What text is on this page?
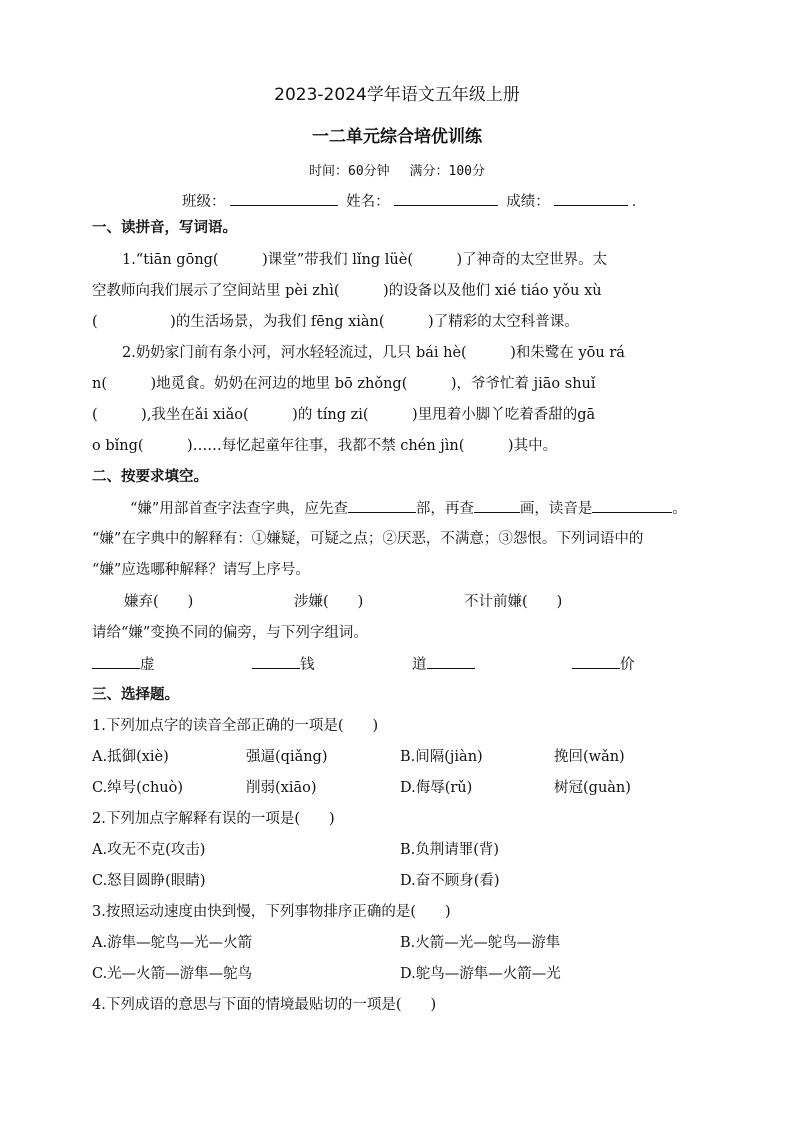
2023-2024学年语文五年级上册
一二单元综合培优训练
时间：60分钟 满分：100分
班级：	姓名：	成绩：	.
一、读拼音，写词语。
1.“tiān gōng(　　　)课堂”带我们 lǐng lüè(　　　)了神奇的太空世界。太
空教师向我们展示了空间站里 pèi zhì(　　　)的设备以及他们 xié tiáo yǒu xù
(　　　　　)的生活场景，为我们 fēng xiàn(　　　)了精彩的太空科普课。
2.奶奶家门前有条小河，河水轻轻流过，几只 bái hè(　　　)和朱鹭在 yōu rá
n(　　　)地觅食。奶奶在河边的地里 bō zhǒng(　　　)，爷爷忙着 jiāo shuǐ
(　　　),我坐在ǎi xiǎo(　　　)的 tíng zi(　　　)里甩着小脚丫吃着香甜的gā
o bǐng(　　　)……每忆起童年往事，我都不禁 chén jìn(　　　)其中。
二、按要求填空。
“嫌”用部首查字法查字典，应先查	部，再查	画，读音是	。
“嫌”在字典中的解释有：①嫌疑，可疑之点；②厌恶，不满意；③怨恨。下列词语中的
“嫌”应选哪种解释？请写上序号。
嫌弃(　　)	涉嫌(　　)	不计前嫌(　　)
请给“嫌”变换不同的偏旁，与下列字组词。
虚	钱	道	价
三、选择题。
1.下列加点字的读音全部正确的一项是(　　)
A.抵御(xiè)	强逼(qiǎng)	B.间隔(jiàn)	挽回(wǎn)
C.绰号(chuò)	削弱(xiāo)	D.侮辱(rǔ)	树冠(guàn)
2.下列加点字解释有误的一项是(　　)
A.攻无不克(攻击)	B.负荆请罪(背)
C.怒目圆睁(眼睛)	D.奋不顾身(看)
3.按照运动速度由快到慢，下列事物排序正确的是(　　)
A.游隼—鸵鸟—光—火箭	B.火箭—光—鸵鸟—游隼
C.光—火箭—游隼—鸵鸟	D.鸵鸟—游隼—火箭—光
4.下列成语的意思与下面的情境最贴切的一项是(　　)
